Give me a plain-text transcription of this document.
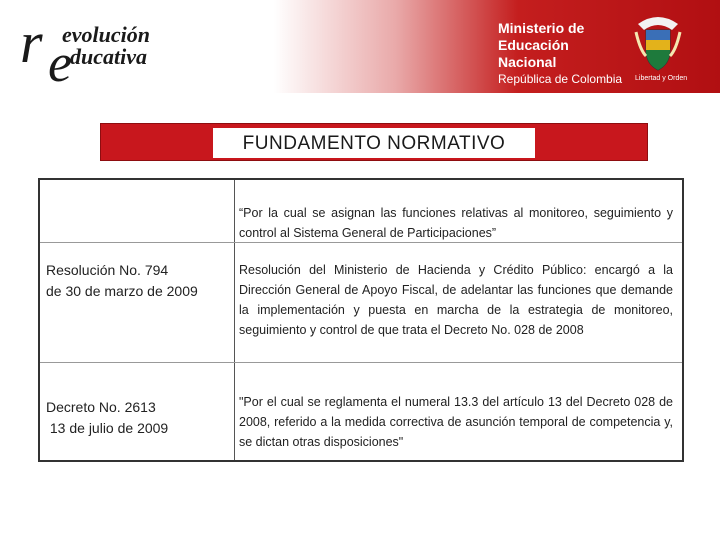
r e
evolución
ducativa
Ministerio de
Educación Nacional
República de Colombia	Libertad y Orden
FUNDAMENTO NORMATIVO
“Por la cual se asignan las funciones relativas al monitoreo, seguimiento y control al Sistema General de Participaciones”
Resolución No. 794
de 30 de marzo de 2009
Resolución del Ministerio de Hacienda y Crédito Público: encargó a la Dirección General de Apoyo Fiscal, de adelantar las funciones que demande la implementación y puesta en marcha de la estrategia de monitoreo, seguimiento y control de que trata el Decreto No. 028 de 2008
Decreto No. 2613
13 de julio de 2009
"Por el cual se reglamenta el numeral 13.3 del artículo 13 del Decreto 028 de 2008, referido a la medida correctiva de asunción temporal de competencia y, se dictan otras disposiciones"
